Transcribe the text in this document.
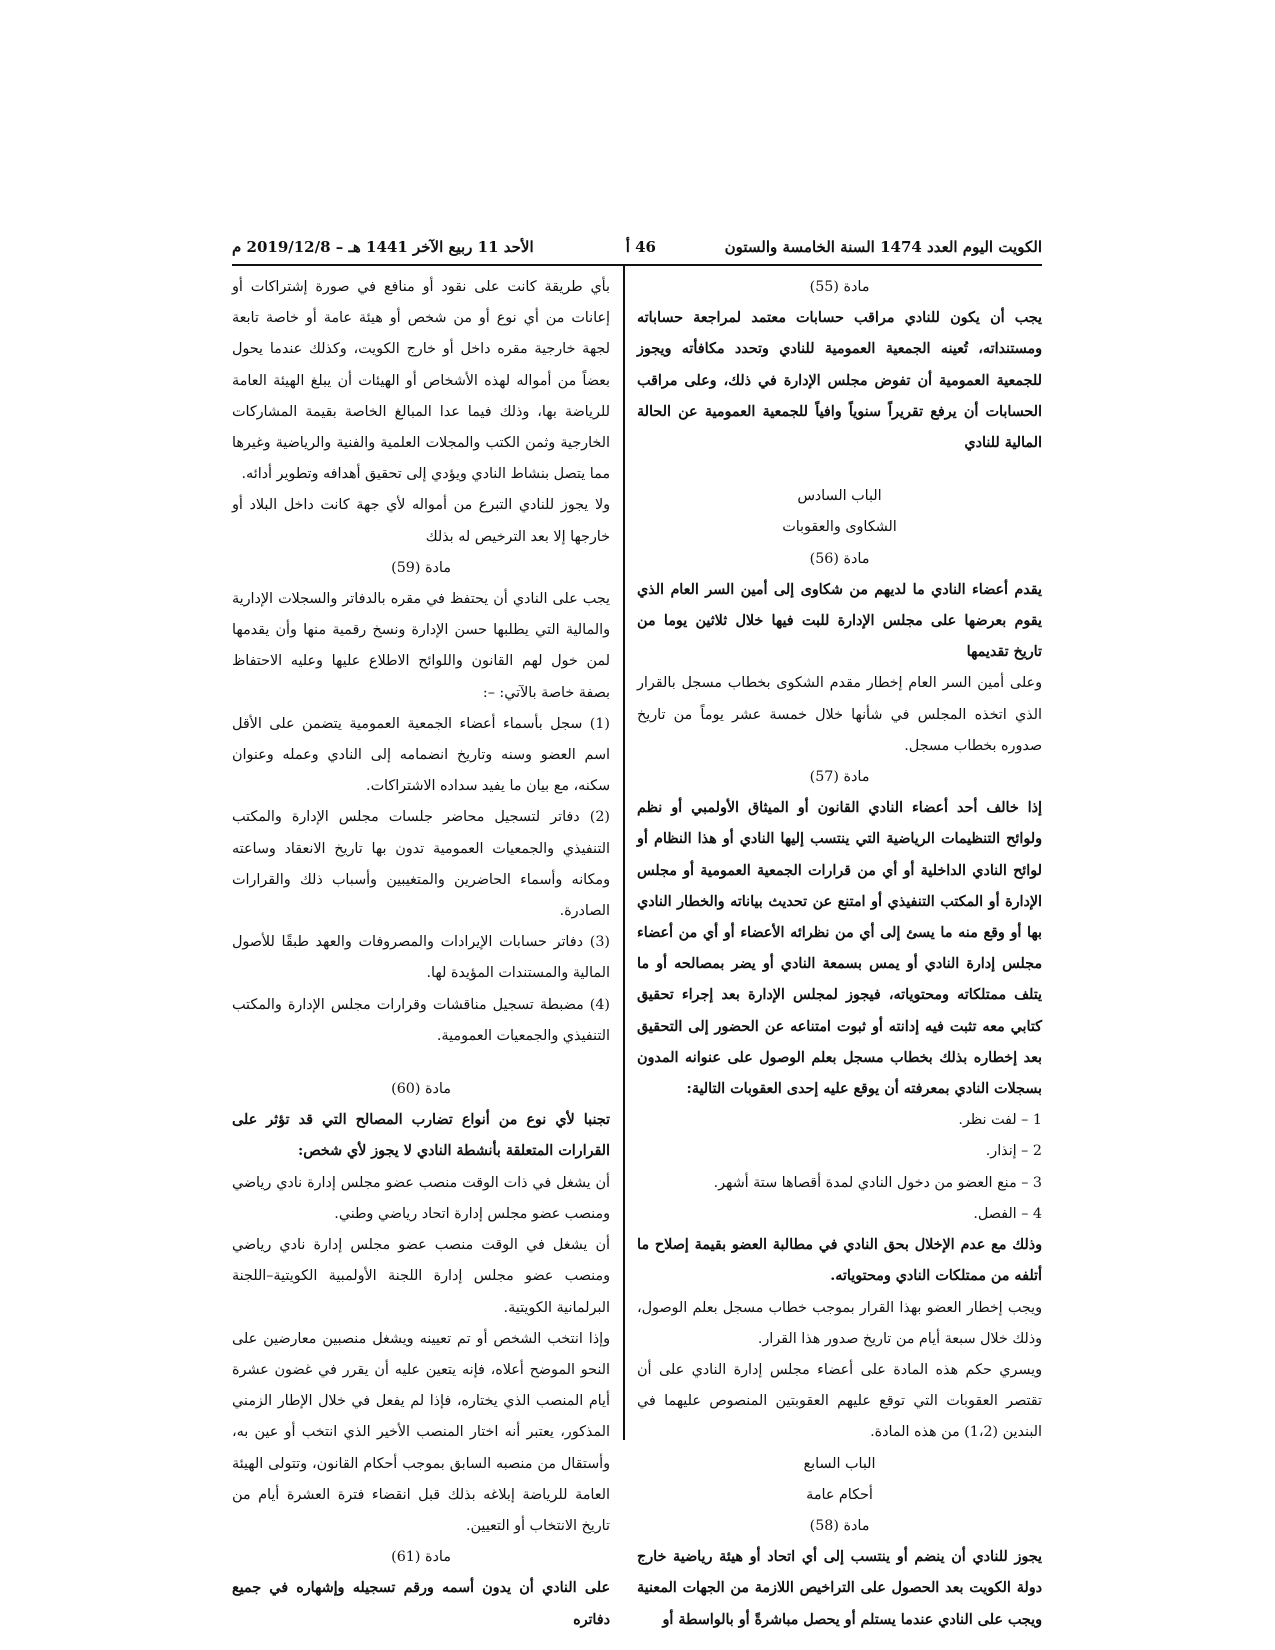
الكويت اليوم العدد 1474 السنة الخامسة والستون
46 أ
الأحد 11 ربيع الآخر 1441 هـ – 2019/12/8 م

مادة (55)

يجب أن يكون للنادي مراقب حسابات معتمد لمراجعة حساباته ومستنداته، تُعينه الجمعية العمومية للنادي وتحدد مكافأته ويجوز للجمعية العمومية أن تفوض مجلس الإدارة في ذلك، وعلى مراقب الحسابات أن يرفع تقريراً سنوياً وافياً للجمعية العمومية عن الحالة المالية للنادي

الباب السادس

الشكاوى والعقوبات

مادة (56)

يقدم أعضاء النادي ما لديهم من شكاوى إلى أمين السر العام الذي يقوم بعرضها على مجلس الإدارة للبت فيها خلال ثلاثين يوما من تاريخ تقديمها

وعلى أمين السر العام إخطار مقدم الشكوى بخطاب مسجل بالقرار الذي اتخذه المجلس في شأنها خلال خمسة عشر يوماً من تاريخ صدوره بخطاب مسجل.

مادة (57)

إذا خالف أحد أعضاء النادي القانون أو الميثاق الأولمبي أو نظم ولوائح التنظيمات الرياضية التي ينتسب إليها النادي أو هذا النظام أو لوائح النادي الداخلية أو أي من قرارات الجمعية العمومية أو مجلس الإدارة أو المكتب التنفيذي أو امتنع عن تحديث بياناته والخطار النادي بها أو وقع منه ما يسئ إلى أي من نظرائه الأعضاء أو أي من أعضاء مجلس إدارة النادي أو يمس بسمعة النادي أو يضر بمصالحه أو ما يتلف ممتلكاته ومحتوياته، فيجوز لمجلس الإدارة بعد إجراء تحقيق كتابي معه تثبت فيه إدانته أو ثبوت امتناعه عن الحضور إلى التحقيق بعد إخطاره بذلك بخطاب مسجل بعلم الوصول على عنوانه المدون بسجلات النادي بمعرفته أن يوقع عليه إحدى العقوبات التالية:

1 – لفت نظر.

2 – إنذار.

3 – منع العضو من دخول النادي لمدة أقصاها ستة أشهر.

4 – الفصل.

وذلك مع عدم الإخلال بحق النادي في مطالبة العضو بقيمة إصلاح ما أتلفه من ممتلكات النادي ومحتوياته.

ويجب إخطار العضو بهذا القرار بموجب خطاب مسجل بعلم الوصول، وذلك خلال سبعة أيام من تاريخ صدور هذا القرار.

ويسري حكم هذه المادة على أعضاء مجلس إدارة النادي على أن تقتصر العقوبات التي توقع عليهم العقوبتين المنصوص عليهما في البندين (1،2) من هذه المادة.

الباب السابع

أحكام عامة

مادة (58)

يجوز للنادي أن ينضم أو ينتسب إلى أي اتحاد أو هيئة رياضية خارج دولة الكويت بعد الحصول على التراخيص اللازمة من الجهات المعنية ويجب على النادي عندما يستلم أو يحصل مباشرةً أو بالواسطة أو

بأي طريقة كانت على نقود أو منافع في صورة إشتراكات أو إعانات من أي نوع أو من شخص أو هيئة عامة أو خاصة تابعة لجهة خارجية مقره داخل أو خارج الكويت، وكذلك عندما يحول بعضاً من أمواله لهذه الأشخاص أو الهيئات أن يبلغ الهيئة العامة للرياضة بها، وذلك فيما عدا المبالغ الخاصة بقيمة المشاركات الخارجية وثمن الكتب والمجلات العلمية والفنية والرياضية وغيرها مما يتصل بنشاط النادي ويؤدي إلى تحقيق أهدافه وتطوير أدائه.

ولا يجوز للنادي التبرع من أمواله لأي جهة كانت داخل البلاد أو خارجها إلا بعد الترخيص له بذلك

مادة (59)

يجب على النادي أن يحتفظ في مقره بالدفاتر والسجلات الإدارية والمالية التي يطلبها حسن الإدارة ونسخ رقمية منها وأن يقدمها لمن خول لهم القانون واللوائح الاطلاع عليها وعليه الاحتفاظ بصفة خاصة بالآتي: –:

(1) سجل بأسماء أعضاء الجمعية العمومية يتضمن على الأقل اسم العضو وسنه وتاريخ انضمامه إلى النادي وعمله وعنوان سكنه، مع بيان ما يفيد سداده الاشتراكات.

(2) دفاتر لتسجيل محاضر جلسات مجلس الإدارة والمكتب التنفيذي والجمعيات العمومية تدون بها تاريخ الانعقاد وساعته ومكانه وأسماء الحاضرين والمتغيبين وأسباب ذلك والقرارات الصادرة.

(3) دفاتر حسابات الإيرادات والمصروفات والعهد طبقًا للأصول المالية والمستندات المؤيدة لها.

(4) مضبطة تسجيل مناقشات وقرارات مجلس الإدارة والمكتب التنفيذي والجمعيات العمومية.

مادة (60)

تجنبا لأي نوع من أنواع تضارب المصالح التي قد تؤثر على القرارات المتعلقة بأنشطة النادي لا يجوز لأي شخص:

أن يشغل في ذات الوقت منصب عضو مجلس إدارة نادي رياضي ومنصب عضو مجلس إدارة اتحاد رياضي وطني.

أن يشغل في الوقت منصب عضو مجلس إدارة نادي رياضي ومنصب عضو مجلس إدارة اللجنة الأولمبية الكويتية–اللجنة البرلمانية الكويتية.

وإذا انتخب الشخص أو تم تعيينه ويشغل منصبين معارضين على النحو الموضح أعلاه، فإنه يتعين عليه أن يقرر في غضون عشرة أيام المنصب الذي يختاره، فإذا لم يفعل في خلال الإطار الزمني المذكور، يعتبر أنه اختار المنصب الأخير الذي انتخب أو عين به، وأستقال من منصبه السابق بموجب أحكام القانون، وتتولى الهيئة العامة للرياضة إبلاغه بذلك قبل انقضاء فترة العشرة أيام من تاريخ الانتخاب أو التعيين.

مادة (61)

على النادي أن يدون أسمه ورقم تسجيله وإشهاره في جميع دفاتره
